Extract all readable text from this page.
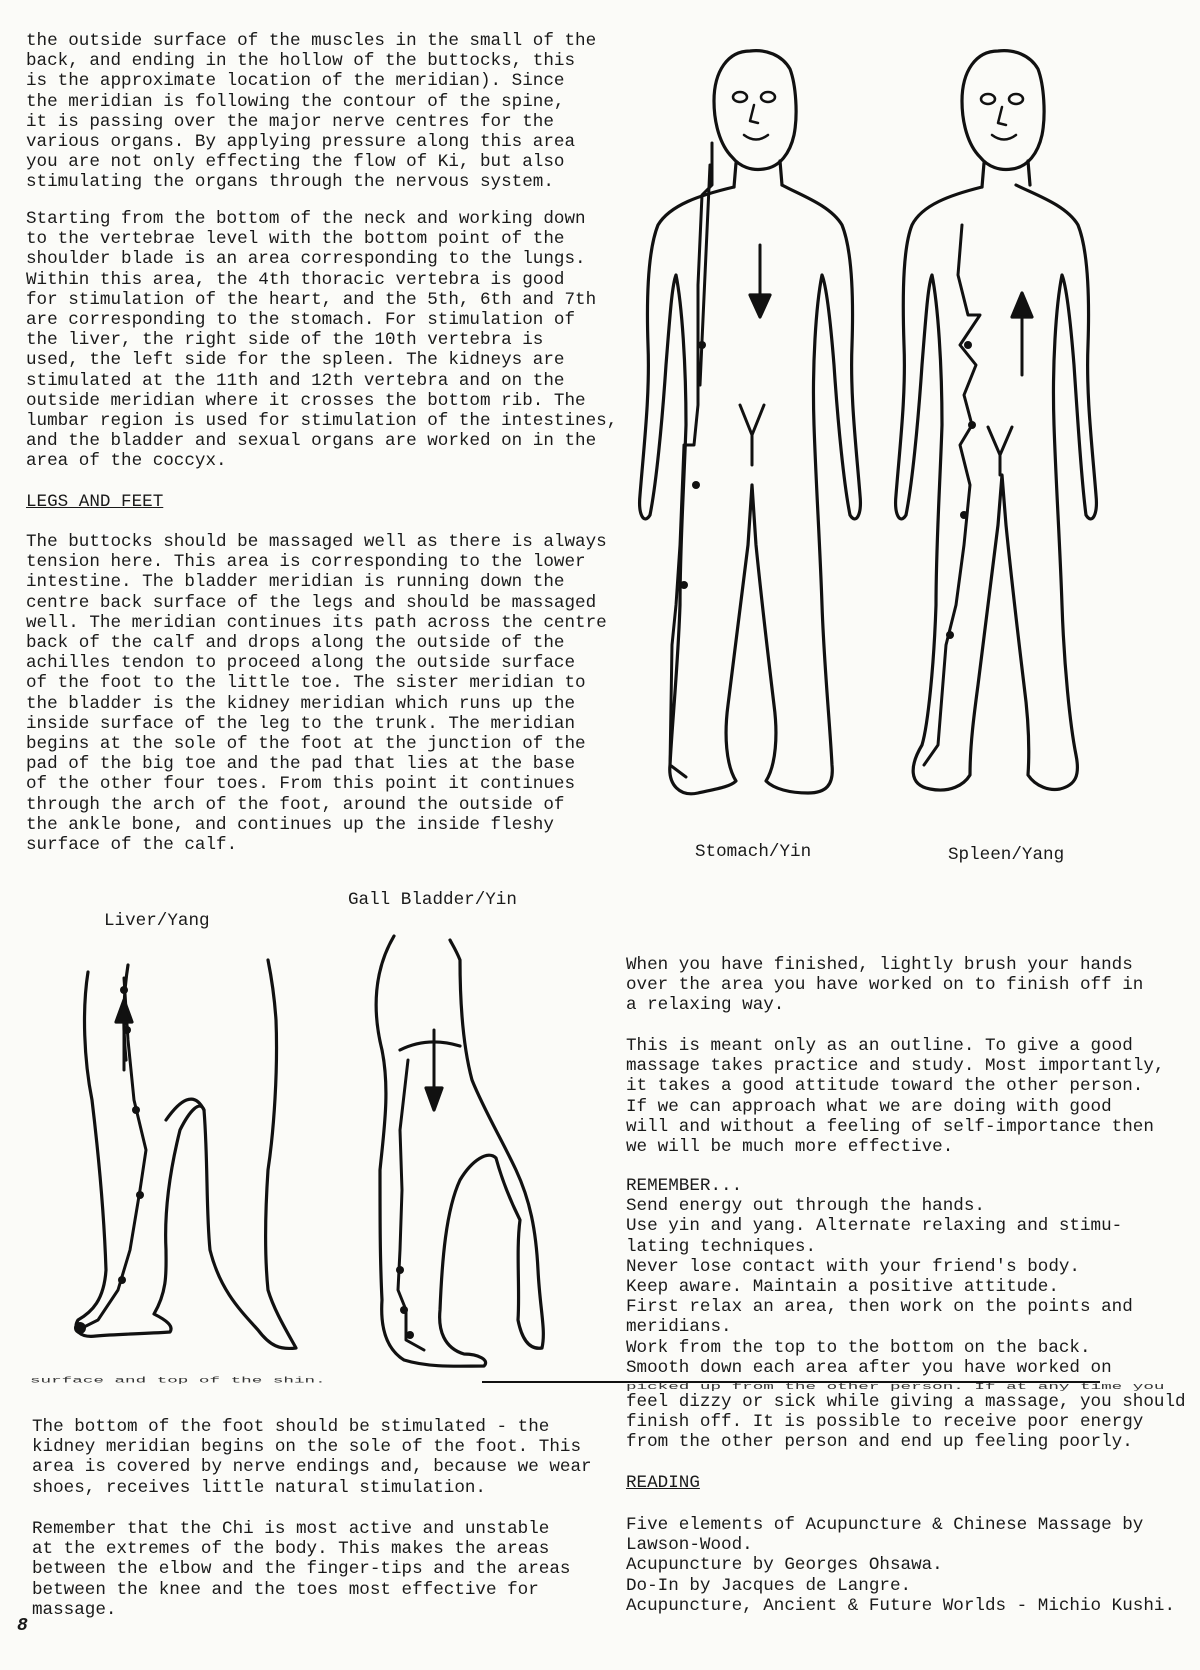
the outside surface of the muscles in the small of the
back, and ending in the hollow of the buttocks, this
is the approximate location of the meridian). Since
the meridian is following the contour of the spine,
it is passing over the major nerve centres for the
various organs. By applying pressure along this area
you are not only effecting the flow of Ki, but also
stimulating the organs through the nervous system.

Starting from the bottom of the neck and working down
to the vertebrae level with the bottom point of the
shoulder blade is an area corresponding to the lungs.
Within this area, the 4th thoracic vertebra is good
for stimulation of the heart, and the 5th, 6th and 7th
are corresponding to the stomach. For stimulation of
the liver, the right side of the 10th vertebra is
used, the left side for the spleen. The kidneys are
stimulated at the 11th and 12th vertebra and on the
outside meridian where it crosses the bottom rib. The
lumbar region is used for stimulation of the intestines,
and the bladder and sexual organs are worked on in the
area of the coccyx.

LEGS AND FEET

The buttocks should be massaged well as there is always
tension here. This area is corresponding to the lower
intestine. The bladder meridian is running down the
centre back surface of the legs and should be massaged
well. The meridian continues its path across the centre
back of the calf and drops along the outside of the
achilles tendon to proceed along the outside surface
of the foot to the little toe. The sister meridian to
the bladder is the kidney meridian which runs up the
inside surface of the leg to the trunk. The meridian
begins at the sole of the foot at the junction of the
pad of the big toe and the pad that lies at the base
of the other four toes. From this point it continues
through the arch of the foot, around the outside of
the ankle bone, and continues up the inside fleshy
surface of the calf.	Stomach/Yin	Spleen/Yang
Gall Bladder/Yin
Liver/Yang

surface and top of the shin.

The bottom of the foot should be stimulated - the
kidney meridian begins on the sole of the foot. This
area is covered by nerve endings and, because we wear
shoes, receives little natural stimulation.

Remember that the Chi is most active and unstable
at the extremes of the body. This makes the areas
between the elbow and the finger-tips and the areas
between the knee and the toes most effective for
massage.

8

When you have finished, lightly brush your hands
over the area you have worked on to finish off in
a relaxing way.

This is meant only as an outline. To give a good
massage takes practice and study. Most importantly,
it takes a good attitude toward the other person.
If we can approach what we are doing with good
will and without a feeling of self-importance then
we will be much more effective.

REMEMBER...
Send energy out through the hands.
Use yin and yang. Alternate relaxing and stimu-
lating techniques.
Never lose contact with your friend's body.
Keep aware. Maintain a positive attitude.
First relax an area, then work on the points and
meridians.
Work from the top to the bottom on the back.
Smooth down each area after you have worked on

picked up from the other person. If at any time you

feel dizzy or sick while giving a massage, you should
finish off. It is possible to receive poor energy
from the other person and end up feeling poorly.

READING

Five elements of Acupuncture & Chinese Massage by
Lawson-Wood.
Acupuncture by Georges Ohsawa.
Do-In by Jacques de Langre.
Acupuncture, Ancient & Future Worlds - Michio Kushi.
